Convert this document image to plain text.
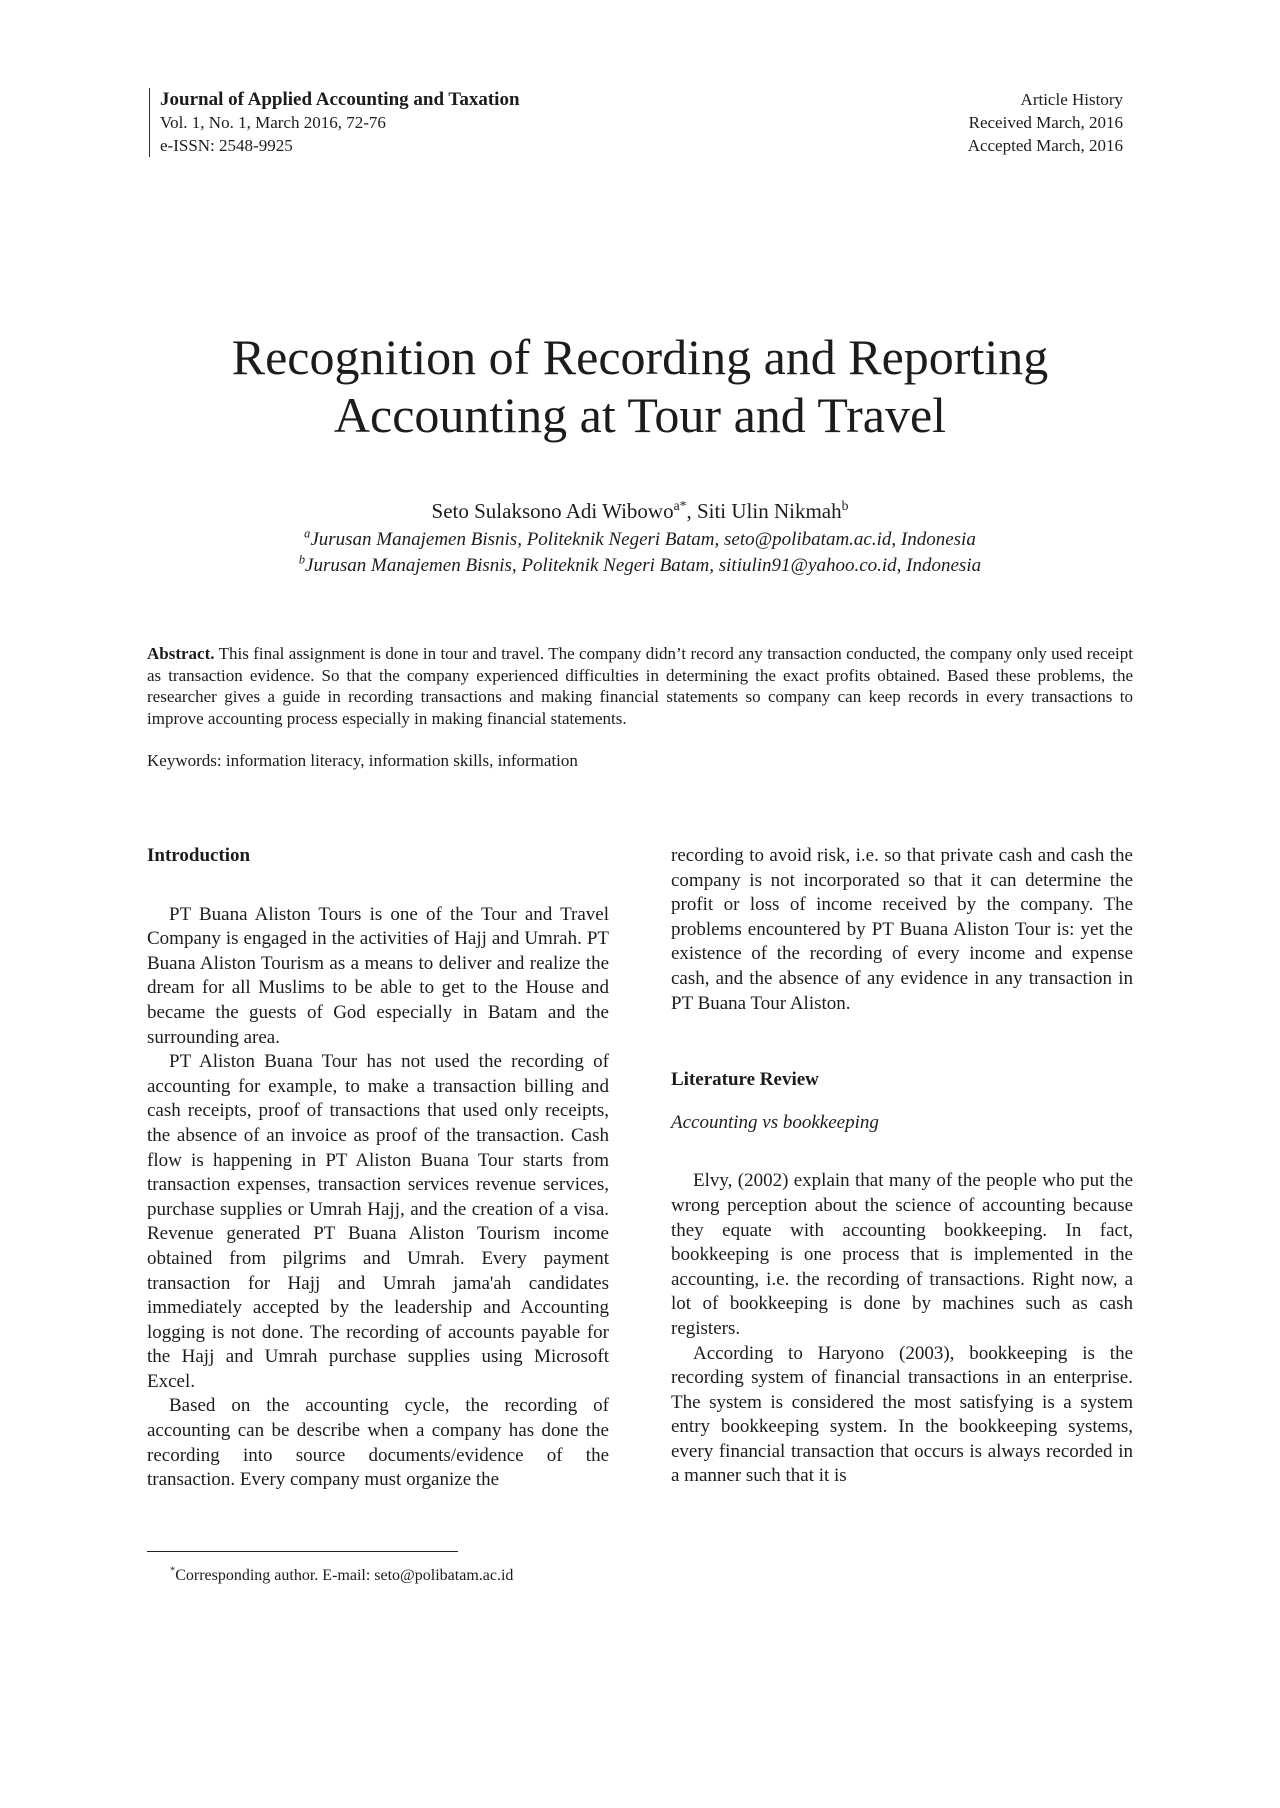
Journal of Applied Accounting and Taxation
Vol. 1, No. 1, March 2016, 72-76
e-ISSN: 2548-9925
Article History
Received March, 2016
Accepted March, 2016
Recognition of Recording and Reporting
Accounting at Tour and Travel
Seto Sulaksono Adi Wibowo$^{a*}$, Siti Ulin Nikmah$^b$
$^a$Jurusan Manajemen Bisnis, Politeknik Negeri Batam, seto@polibatam.ac.id, Indonesia
$^b$Jurusan Manajemen Bisnis, Politeknik Negeri Batam, sitiulin91@yahoo.co.id, Indonesia

Abstract. This final assignment is done in tour and travel. The company didn’t record any transaction conducted, the company only used receipt as transaction evidence. So that the company experienced difficulties in determining the exact profits obtained. Based these problems, the researcher gives a guide in recording transactions and making financial statements so company can keep records in every transactions to improve accounting process especially in making financial statements.

Keywords: information literacy, information skills, information

Introduction

PT Buana Aliston Tours is one of the Tour and Travel Company is engaged in the activities of Hajj and Umrah. PT Buana Aliston Tourism as a means to deliver and realize the dream for all Muslims to be able to get to the House and became the guests of God especially in Batam and the surrounding area.

PT Aliston Buana Tour has not used the recording of accounting for example, to make a transaction billing and cash receipts, proof of transactions that used only receipts, the absence of an invoice as proof of the transaction. Cash flow is happening in PT Aliston Buana Tour starts from transaction expenses, transaction services revenue services, purchase supplies or Umrah Hajj, and the creation of a visa. Revenue generated PT Buana Aliston Tourism income obtained from pilgrims and Umrah. Every payment transaction for Hajj and Umrah jama'ah candidates immediately accepted by the leadership and Accounting logging is not done. The recording of accounts payable for the Hajj and Umrah purchase supplies using Microsoft Excel.

Based on the accounting cycle, the recording of accounting can be describe when a company has done the recording into source documents/evidence of the transaction. Every company must organize the

recording to avoid risk, i.e. so that private cash and cash the company is not incorporated so that it can determine the profit or loss of income received by the company. The problems encountered by PT Buana Aliston Tour is: yet the existence of the recording of every income and expense cash, and the absence of any evidence in any transaction in PT Buana Tour Aliston.

Literature Review

Accounting vs bookkeeping

Elvy, (2002) explain that many of the people who put the wrong perception about the science of accounting because they equate with accounting bookkeeping. In fact, bookkeeping is one process that is implemented in the accounting, i.e. the recording of transactions. Right now, a lot of bookkeeping is done by machines such as cash registers.

According to Haryono (2003), bookkeeping is the recording system of financial transactions in an enterprise. The system is considered the most satisfying is a system entry bookkeeping system. In the bookkeeping systems, every financial transaction that occurs is always recorded in a manner such that it is

*Corresponding author. E-mail: seto@polibatam.ac.id
